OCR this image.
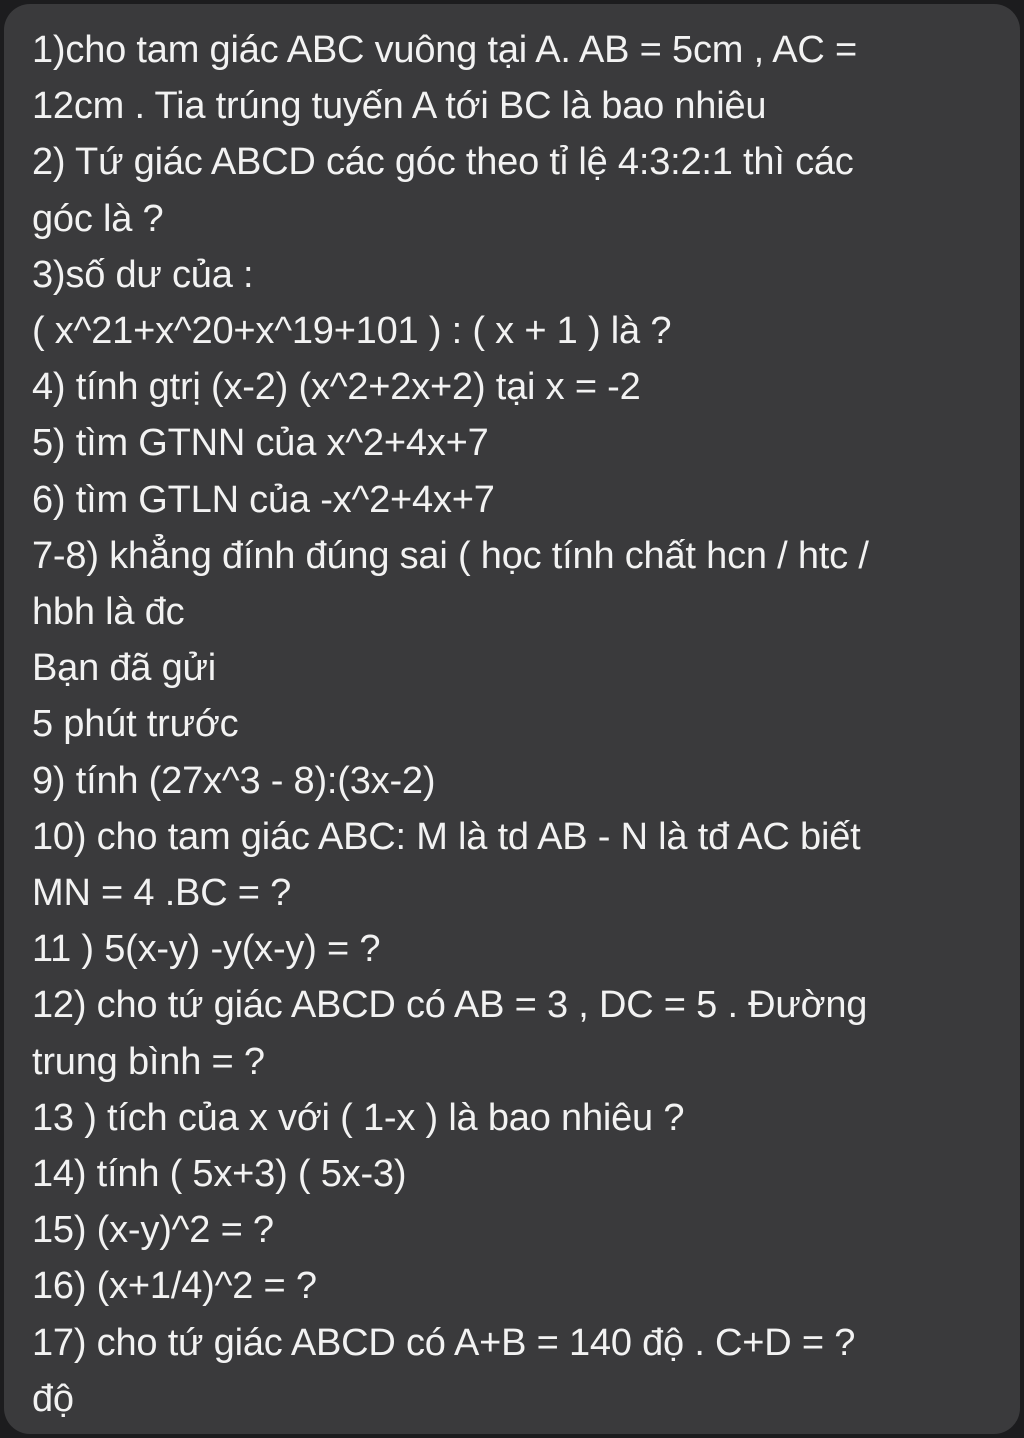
1)cho tam giác ABC vuông tại A. AB = 5cm , AC =
12cm . Tia trúng tuyến A tới BC là bao nhiêu
2) Tứ giác ABCD các góc theo tỉ lệ 4:3:2:1 thì các
góc là ?
3)số dư của :
( x^21+x^20+x^19+101 ) : ( x + 1 ) là ?
4) tính gtrị (x-2) (x^2+2x+2) tại x = -2
5) tìm GTNN của x^2+4x+7
6) tìm GTLN của -x^2+4x+7
7-8) khẳng đính đúng sai ( học tính chất hcn / htc /
hbh là đc
Bạn đã gửi
5 phút trước
9) tính (27x^3 - 8):(3x-2)
10) cho tam giác ABC: M là td AB - N là tđ AC biết
MN = 4 .BC = ?
11 ) 5(x-y) -y(x-y) = ?
12) cho tứ giác ABCD có AB = 3 , DC = 5 . Đường
trung bình = ?
13 ) tích của x với ( 1-x ) là bao nhiêu ?
14) tính ( 5x+3) ( 5x-3)
15) (x-y)^2 = ?
16) (x+1/4)^2 = ?
17) cho tứ giác ABCD có A+B = 140 độ . C+D = ?
độ
